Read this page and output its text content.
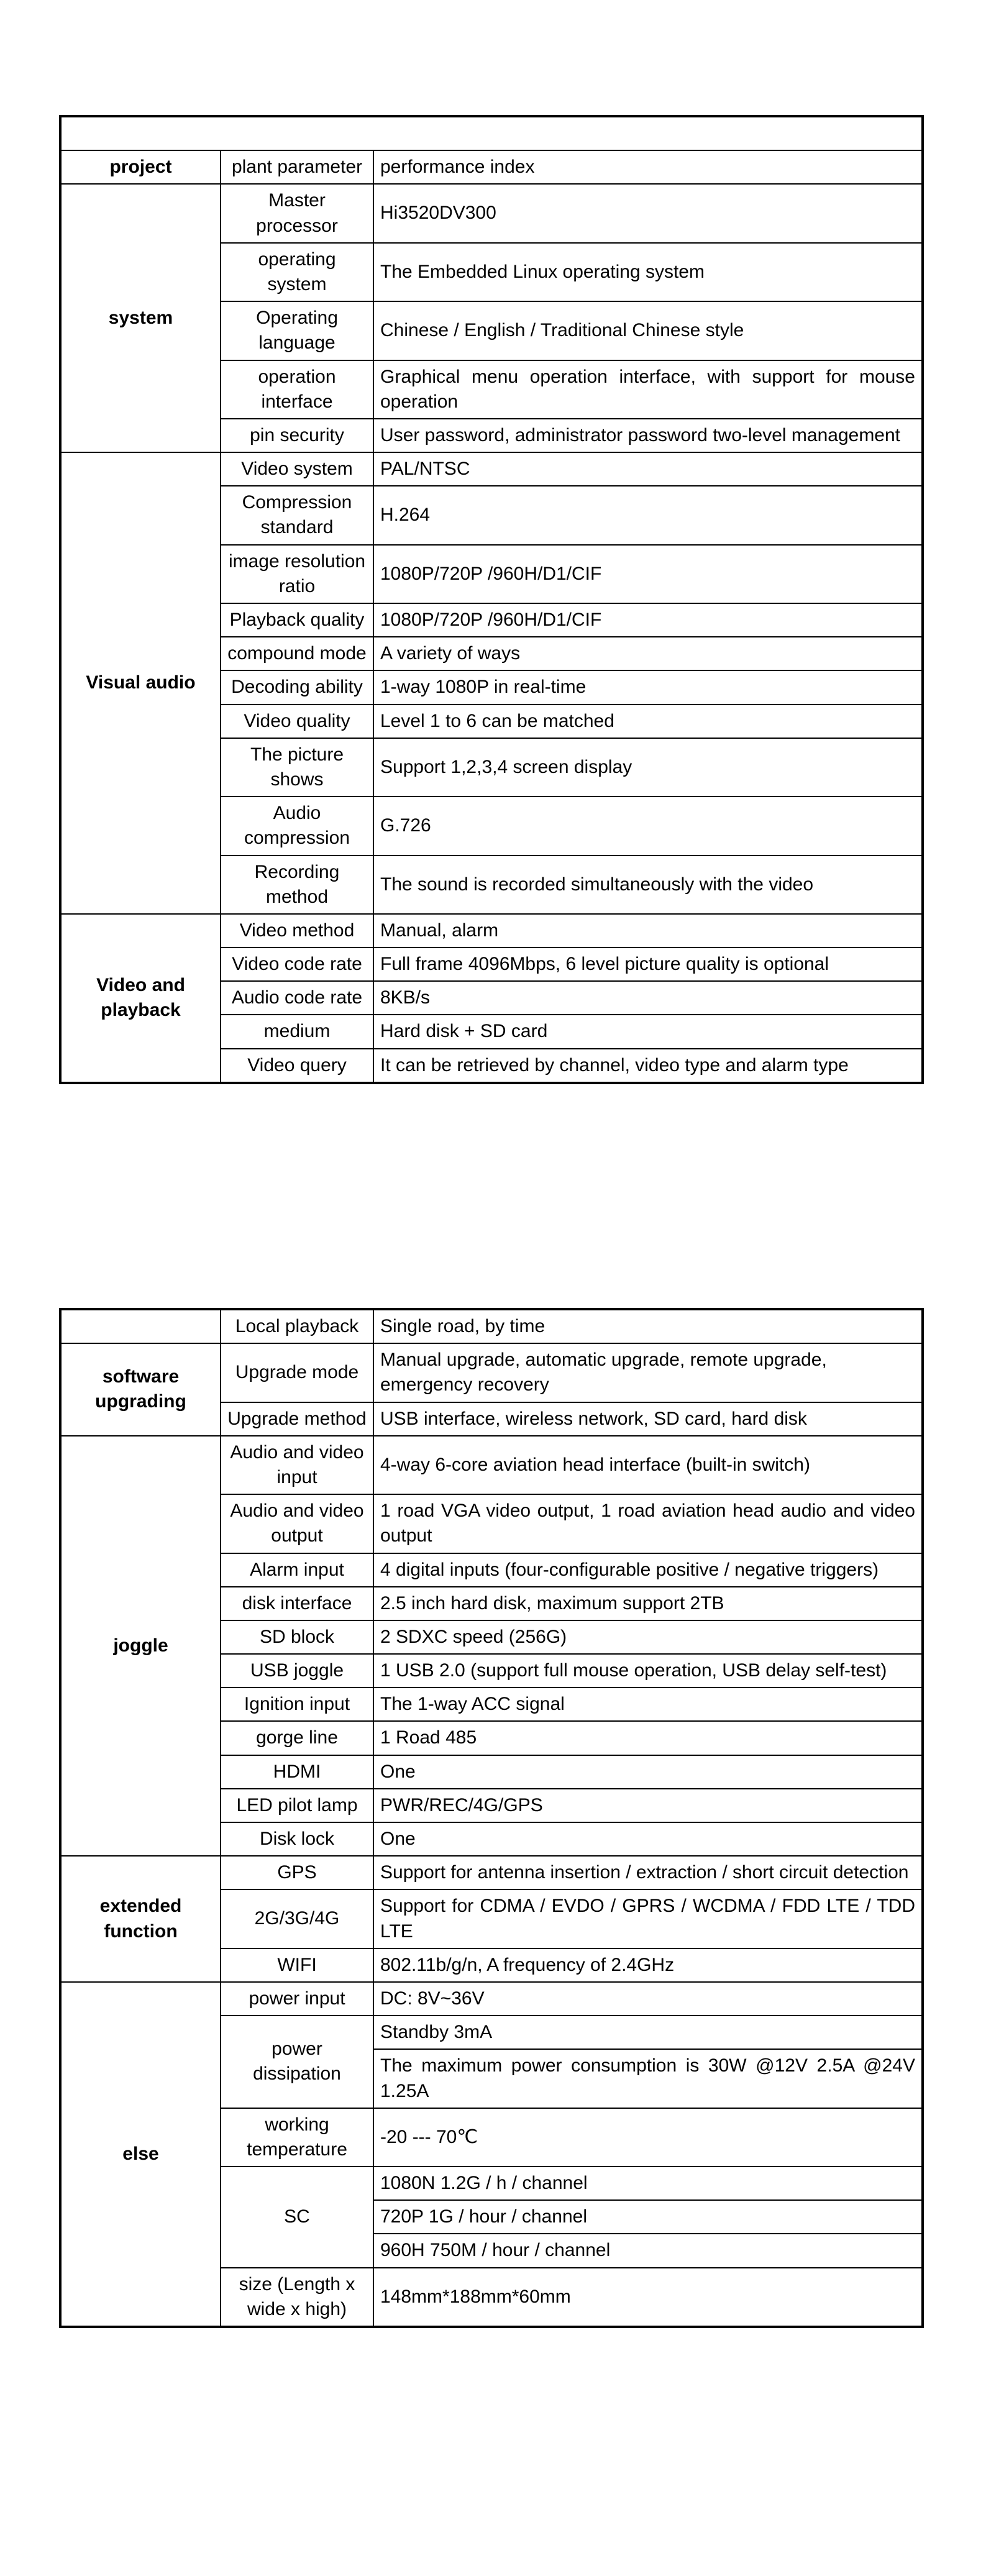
Technical parameters of the video recorder:		
project	plant parameter	performance index
system	Master processor	Hi3520DV300
	operating system	The Embedded Linux operating system
	Operating language	Chinese / English / Traditional Chinese style
	operation interface	Graphical menu operation interface, with support for mouse operation
	pin security	User password, administrator password two-level management
Visual audio	Video system	PAL/NTSC
	Compression standard	H.264
	image resolution ratio	1080P/720P /960H/D1/CIF
	Playback quality	1080P/720P /960H/D1/CIF
	compound mode	A variety of ways
	Decoding ability	1-way 1080P in real-time
	Video quality	Level 1 to 6 can be matched
	The picture shows	Support 1,2,3,4 screen display
	Audio compression	G.726
	Recording method	The sound is recorded simultaneously with the video
Video and playback	Video method	Manual, alarm
	Video code rate	Full frame 4096Mbps, 6 level picture quality is optional
	Audio code rate	8KB/s
	medium	Hard disk + SD card
	Video query	It can be retrieved by channel, video type and alarm type
	Local playback	Single road, by time
software upgrading	Upgrade mode	Manual upgrade, automatic upgrade, remote upgrade, emergency recovery
	Upgrade method	USB interface, wireless network, SD card, hard disk
joggle	Audio and video input	4-way 6-core aviation head interface (built-in switch)
	Audio and video output	1 road VGA video output, 1 road aviation head audio and video output
	Alarm input	4 digital inputs (four-configurable positive / negative triggers)
	disk interface	2.5 inch hard disk, maximum support 2TB
	SD block	2 SDXC speed (256G)
	USB joggle	1 USB 2.0 (support full mouse operation, USB delay self-test)
	Ignition input	The 1-way ACC signal
	gorge line	1 Road 485
	HDMI	One
	LED pilot lamp	PWR/REC/4G/GPS
	Disk lock	One
extended function	GPS	Support for antenna insertion / extraction / short circuit detection
	2G/3G/4G	Support for CDMA / EVDO / GPRS / WCDMA / FDD LTE / TDD LTE
	WIFI	802.11b/g/n, A frequency of 2.4GHz
else	power input	DC: 8V~36V
	power dissipation	Standby 3mA
		The maximum power consumption is 30W @12V 2.5A @24V 1.25A
	working temperature	-20 --- 70℃
	SC	1080N 1.2G / h / channel
		720P 1G / hour / channel
		960H 750M / hour / channel
	size (Length x wide x high)	148mm*188mm*60mm
